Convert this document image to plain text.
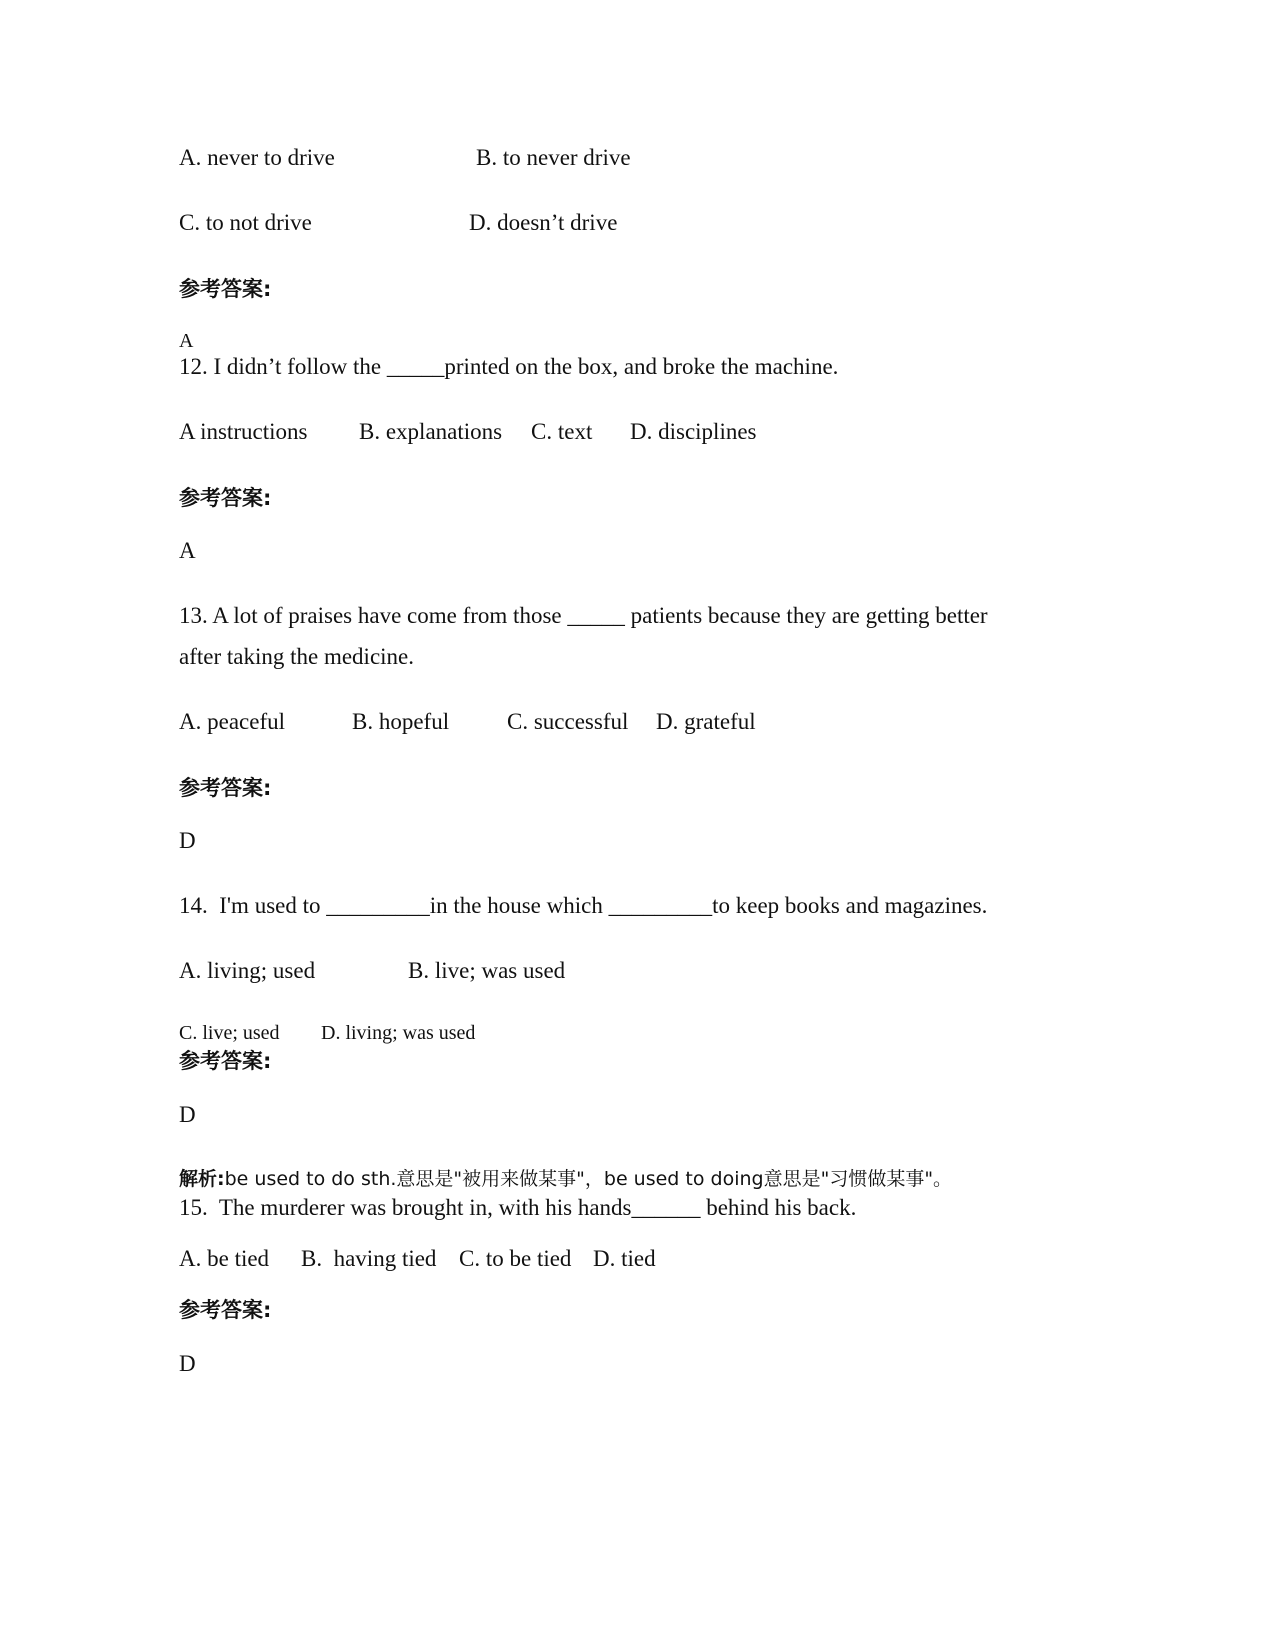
A. never to drive	B. to never drive
C. to not drive	D. doesn’t drive
参考答案:
A
12. I didn’t follow the _____printed on the box, and broke the machine.
A instructions B. explanations C. text D. disciplines
参考答案:
A
13. A lot of praises have come from those _____ patients because they are getting better
after taking the medicine.
A. peaceful	B. hopeful	C. successful D. grateful
参考答案:
D
14.  I'm used to _________in the house which _________to keep books and magazines.
A. living; used	B. live; was used
C. live; used D. living; was used
参考答案:
D
解析:be used to do sth.意思是"被用来做某事"，be used to doing意思是"习惯做某事"。
15.  The murderer was brought in, with his hands______ behind his back.
A. be tied B.  having tied C. to be tied D. tied
参考答案:
D
